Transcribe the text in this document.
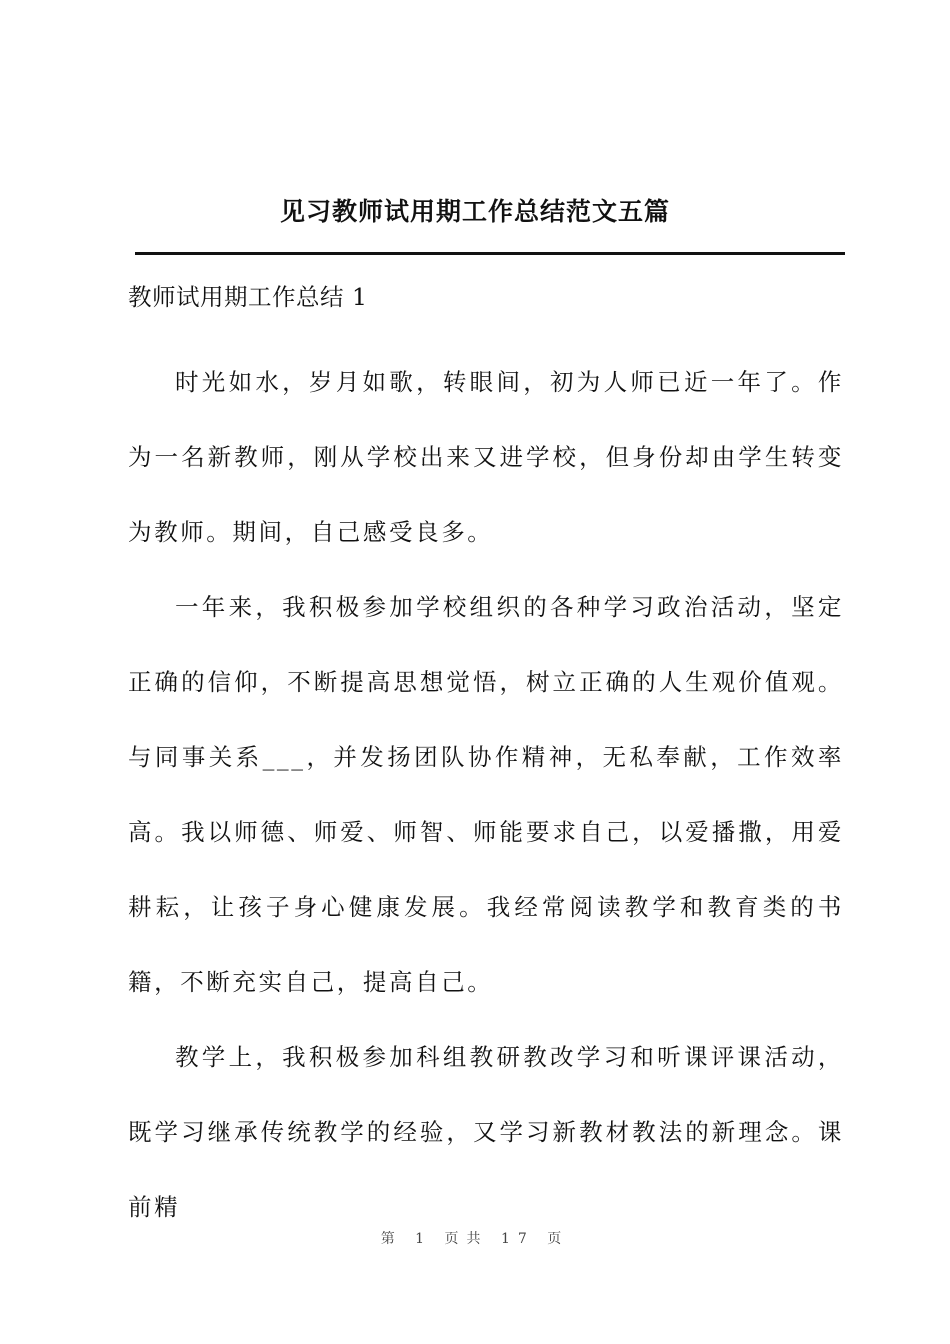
见习教师试用期工作总结范文五篇
教师试用期工作总结 1

时光如水，岁月如歌，转眼间，初为人师已近一年了。作为一名新教师，刚从学校出来又进学校，但身份却由学生转变为教师。期间，自己感受良多。

一年来，我积极参加学校组织的各种学习政治活动，坚定正确的信仰，不断提高思想觉悟，树立正确的人生观价值观。与同事关系___，并发扬团队协作精神，无私奉献，工作效率高。我以师德、师爱、师智、师能要求自己，以爱播撒，用爱耕耘，让孩子身心健康发展。我经常阅读教学和教育类的书籍，不断充实自己，提高自己。

教学上，我积极参加科组教研教改学习和听课评课活动，既学习继承传统教学的经验，又学习新教材教法的新理念。课前精

第 1 页共 17 页
